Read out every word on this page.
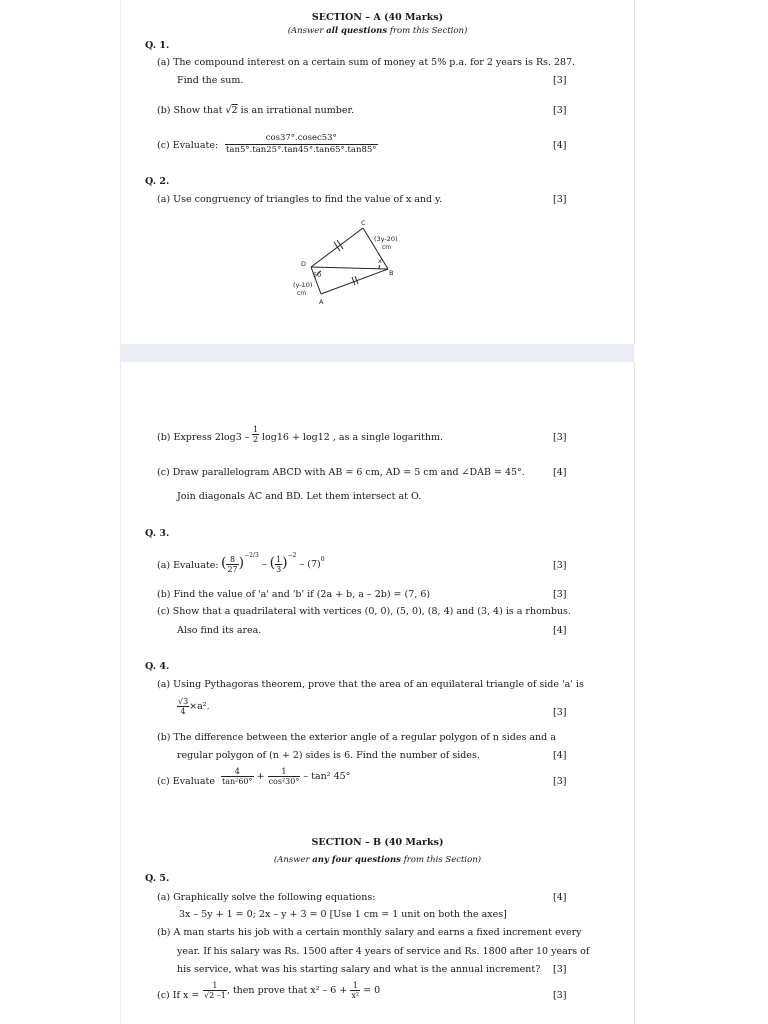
SECTION – A (40 Marks)
(Answer all questions from this Section)
Q. 1.
(a) The compound interest on a certain sum of money at 5% p.a. for 2 years is Rs. 287.
Find the sum.	[3]
(b) Show that √2 is an irrational number.	[3]
(c) Evaluate: $\frac{\cos 37^\circ.cosec53^\circ}{\tan 5^\circ.\tan 25^\circ.\tan 45^\circ.\tan 65^\circ.\tan 85^\circ}$	[4]
Q. 2.
(a) Use congruency of triangles to find the value of x and y.	[3]
C
D
B
A
(3y-20)
cm
x
50
(y-10)
cm
(b) Express $2\log 3 - \frac{1}{2} \log 16 + \log 12$ , as a single logarithm.	[3]
(c) Draw parallelogram ABCD with AB = 6 cm, AD = 5 cm and ∠DAB = 45°.	[4]
Join diagonals AC and BD. Let them intersect at O.
Q. 3.
(a) Evaluate: ( $\frac{8}{27} )^{-2/3}$ – ( $\frac{1}{3} )^{-2} - (7)^0$
[3]
(b) Find the value of 'a' and 'b' if (2a + b, a – 2b) = (7, 6)	[3]
(c) Show that a quadrilateral with vertices (0, 0), (5, 0), (8, 4) and (3, 4) is a rhombus.
Also find its area.	[4]
Q. 4.
(a) Using Pythagoras theorem, prove that the area of an equilateral triangle of side 'a' is
$\frac{√3}{4} \times a^2$.
[3]
(b) The difference between the exterior angle of a regular polygon of n sides and a
regular polygon of (n + 2) sides is 6. Find the number of sides.	[4]
(c) Evaluate $\frac{4}{\text{tan²60°}} + \frac{1}{\text{cos²30°}} - \tan^2$ 45°	[3]
SECTION – B (40 Marks)
(Answer any four questions from this Section)
Q. 5.
(a) Graphically solve the following equations:	[4]
3x – 5y + 1 = 0; 2x – y + 3 = 0 [Use 1 cm = 1 unit on both the axes]
(b) A man starts his job with a certain monthly salary and earns a fixed increment every
year. If his salary was Rs. 1500 after 4 years of service and Rs. 1800 after 10 years of
his service, what was his starting salary and what is the annual increment? [3]
(c) If $x = \frac{1}{√2 -1}$ , then prove that $x^2 - 6 + \frac{1}{\text{x²}} = 0$	[3]
